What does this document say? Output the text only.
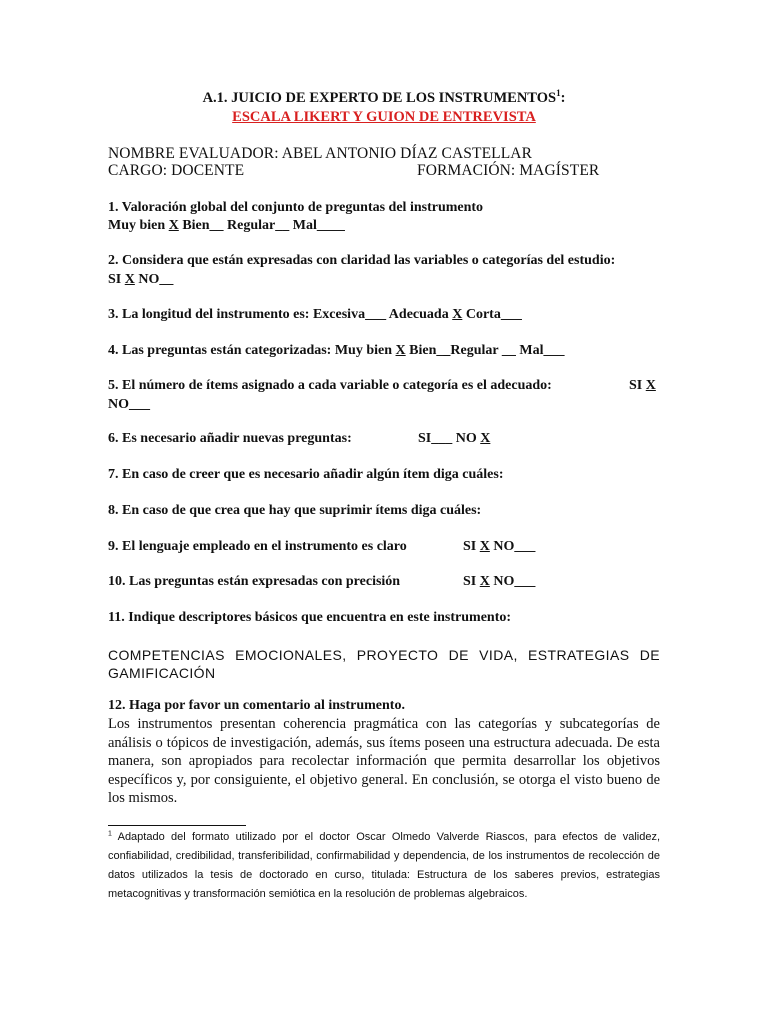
A.1. JUICIO DE EXPERTO DE LOS INSTRUMENTOS$^1$:
ESCALA LIKERT Y GUION DE ENTREVISTA
NOMBRE EVALUADOR: ABEL ANTONIO DÍAZ CASTELLAR
CARGO: DOCENTE	FORMACIÓN: MAGÍSTER
1. Valoración global del conjunto de preguntas del instrumento
Muy bien X Bien__ Regular__ Mal____
2. Considera que están expresadas con claridad las variables o categorías del estudio:
SI X NO__
3. La longitud del instrumento es: Excesiva___ Adecuada X Corta___
4. Las preguntas están categorizadas: Muy bien X Bien__Regular __ Mal___
5. El número de ítems asignado a cada variable o categoría es el adecuado:	SI X
NO___
6. Es necesario añadir nuevas preguntas:	SI___ NO X
7. En caso de creer que es necesario añadir algún ítem diga cuáles:
8. En caso de que crea que hay que suprimir ítems diga cuáles:
9. El lenguaje empleado en el instrumento es claro	SI X NO___
10. Las preguntas están expresadas con precisión	SI X NO___
11. Indique descriptores básicos que encuentra en este instrumento:
COMPETENCIAS EMOCIONALES, PROYECTO DE VIDA, ESTRATEGIAS DE GAMIFICACIÓN
12. Haga por favor un comentario al instrumento.
Los instrumentos presentan coherencia pragmática con las categorías y subcategorías de análisis o tópicos de investigación, además, sus ítems poseen una estructura adecuada. De esta manera, son apropiados para recolectar información que permita desarrollar los objetivos específicos y, por consiguiente, el objetivo general. En conclusión, se otorga el visto bueno de los mismos.
$^1$ Adaptado del formato utilizado por el doctor Oscar Olmedo Valverde Riascos, para efectos de validez, confiabilidad, credibilidad, transferibilidad, confirmabilidad y dependencia, de los instrumentos de recolección de datos utilizados la tesis de doctorado en curso, titulada: Estructura de los saberes previos, estrategias metacognitivas y transformación semiótica en la resolución de problemas algebraicos.
